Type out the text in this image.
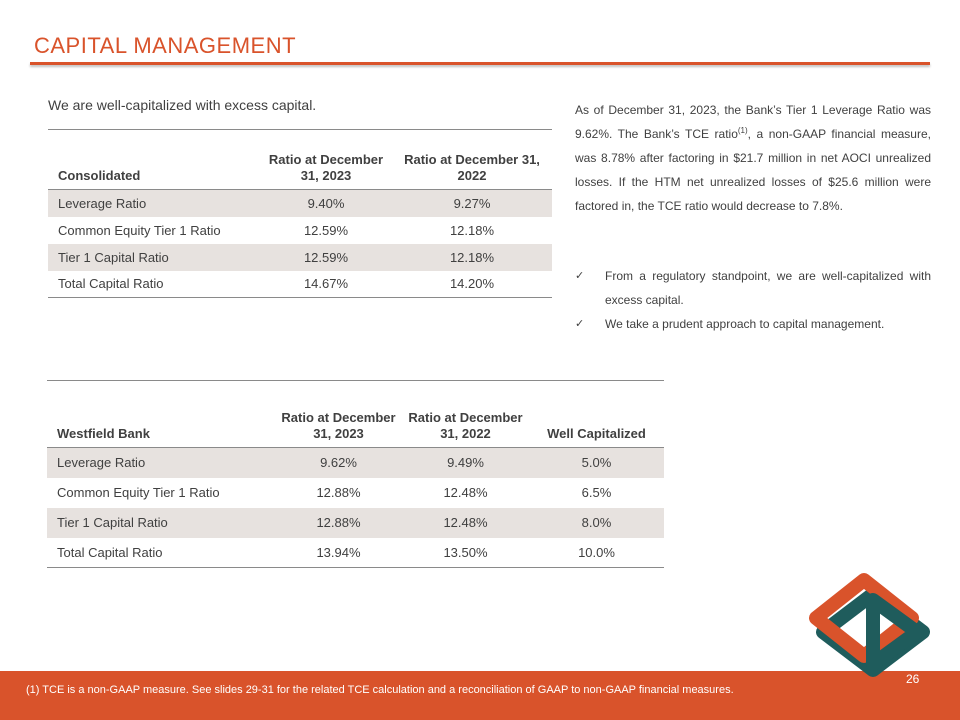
CAPITAL MANAGEMENT
We are well-capitalized with excess capital.
Consolidated	Ratio at December 31, 2023	Ratio at December 31, 2022
Leverage Ratio	9.40%	9.27%
Common Equity Tier 1 Ratio	12.59%	12.18%
Tier 1 Capital Ratio	12.59%	12.18%
Total Capital Ratio	14.67%	14.20%
As of December 31, 2023, the Bank’s Tier 1 Leverage Ratio was 9.62%. The Bank’s TCE ratio$^{(1)}$, a non-GAAP financial measure, was 8.78% after factoring in $21.7 million in net AOCI unrealized losses. If the HTM net unrealized losses of $25.6 million were factored in, the TCE ratio would decrease to 7.8%.
✓ From a regulatory standpoint, we are well-capitalized with excess capital.
✓ We take a prudent approach to capital management.
Westfield Bank	Ratio at December 31, 2023	Ratio at December 31, 2022	Well Capitalized
Leverage Ratio	9.62%	9.49%	5.0%
Common Equity Tier 1 Ratio	12.88%	12.48%	6.5%
Tier 1 Capital Ratio	12.88%	12.48%	8.0%
Total Capital Ratio	13.94%	13.50%	10.0%
(1) TCE is a non-GAAP measure. See slides 29-31 for the related TCE calculation and a reconciliation of GAAP to non-GAAP financial measures.
26
